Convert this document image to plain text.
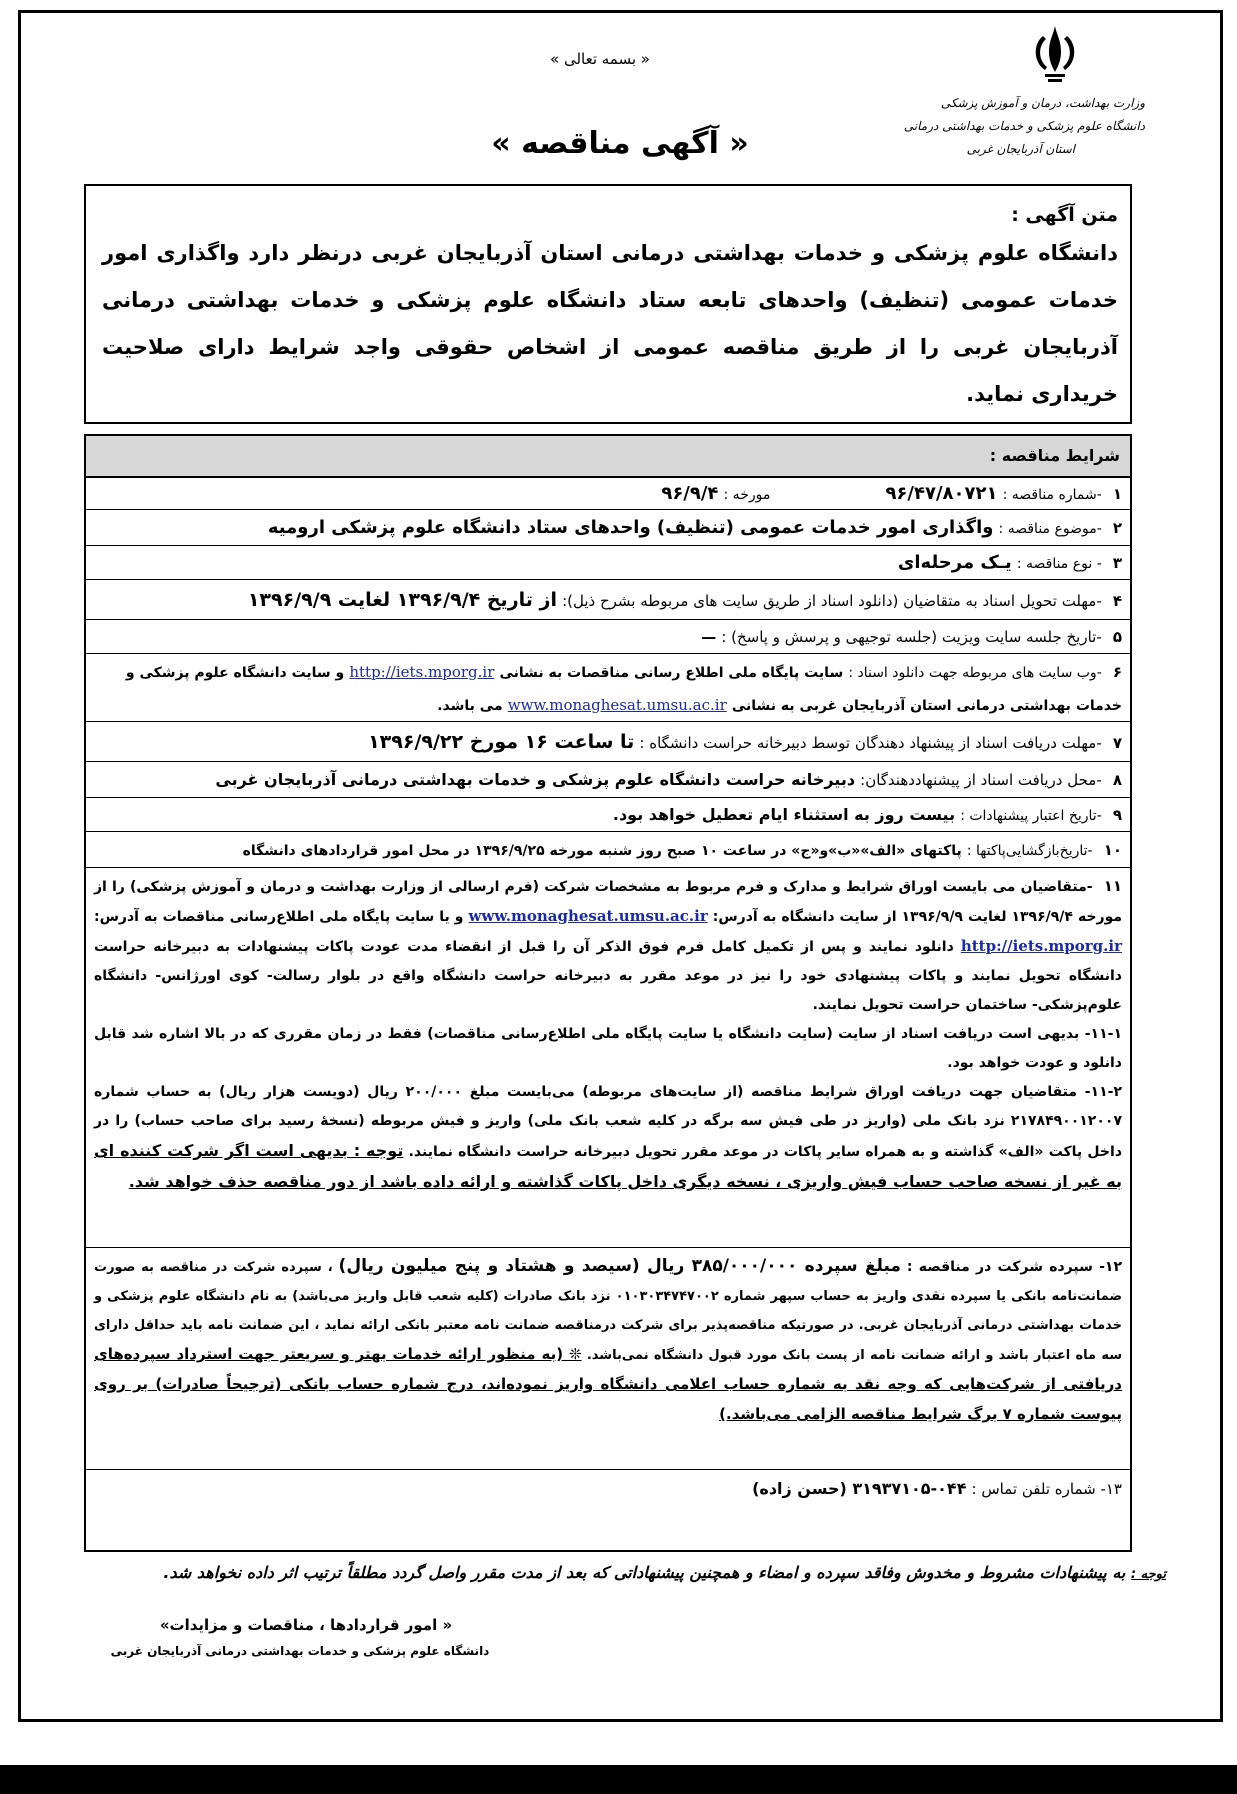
وزارت بهداشت، درمان و آموزش پزشکی
دانشگاه علوم پزشکی و خدمات بهداشتی درمانی
استان آذربایجان غربی
« بسمه تعالی »
« آگهی مناقصه »
متن آگهی :
دانشگاه علوم پزشکی و خدمات بهداشتی درمانی استان آذربایجان غربی درنظر دارد واگذاری امور خدمات عمومی (تنظیف) واحدهای تابعه ستاد دانشگاه علوم پزشکی و خدمات بهداشتی درمانی آذربایجان غربی را از طریق مناقصه عمومی از اشخاص حقوقی واجد شرایط دارای صلاحیت خریداری نماید.
شرایط مناقصه :
۱ -شماره مناقصه : ۹۶/۴۷/۸۰۷۲۱ مورخه : ۹۶/۹/۴
۲ -موضوع مناقصه : واگذاری امور خدمات عمومی (تنظیف) واحدهای ستاد دانشگاه علوم پزشکی ارومیه
۳ - نوع مناقصه : یـک مرحله‌ای
۴ -مهلت تحویل اسناد به متقاضیان (دانلود اسناد از طریق سایت های مربوطه بشرح ذیل): از تاریخ ۱۳۹۶/۹/۴ لغایت ۱۳۹۶/۹/۹
۵ -تاریخ جلسه سایت ویزیت (جلسه توجیهی و پرسش و پاسخ) : —
۶ -وب سایت های مربوطه جهت دانلود اسناد : سایت پایگاه ملی اطلاع رسانی مناقصات به نشانی http://iets.mporg.ir و سایت دانشگاه علوم پزشکی و خدمات بهداشتی درمانی استان آذربایجان غربی به نشانی www.monaghesat.umsu.ac.ir می باشد.
۷ -مهلت دریافت اسناد از پیشنهاد دهندگان توسط دبیرخانه حراست دانشگاه : تا ساعت ۱۶ مورخ ۱۳۹۶/۹/۲۲
۸ -محل دریافت اسناد از پیشنهاددهندگان: دبیرخانه حراست دانشگاه علوم پزشکی و خدمات بهداشتی درمانی آذربایجان غربی
۹ -تاریخ اعتبار پیشنهادات : بیست روز به استثناء ایام تعطیل خواهد بود.
۱۰ -تاریخ‌بازگشایی‌پاکتها : پاکتهای «الف»«ب»و«ج» در ساعت ۱۰ صبح روز شنبه مورخه ۱۳۹۶/۹/۲۵ در محل امور قراردادهای دانشگاه
۱۱ -متقاضیان می بایست اوراق شرایط و مدارک و فرم مربوط به مشخصات شرکت (فرم ارسالی از وزارت بهداشت و درمان و آموزش پزشکی) را از مورخه ۱۳۹۶/۹/۴ لغایت ۱۳۹۶/۹/۹ از سایت دانشگاه به آدرس: www.monaghesat.umsu.ac.ir و یا سایت پایگاه ملی اطلاع‌رسانی مناقصات به آدرس: http://iets.mporg.ir دانلود نمایند و پس از تکمیل کامل فرم فوق الذکر آن را قبل از انقضاء مدت عودت پاکات پیشنهادات به دبیرخانه حراست دانشگاه تحویل نمایند و پاکات پیشنهادی خود را نیز در موعد مقرر به دبیرخانه حراست دانشگاه واقع در بلوار رسالت- کوی اورژانس- دانشگاه علوم‌پزشکی- ساختمان حراست تحویل نمایند.
۱۱-۱- بدیهی است دریافت اسناد از سایت (سایت دانشگاه یا سایت پایگاه ملی اطلاع‌رسانی مناقصات) فقط در زمان مقرری که در بالا اشاره شد قابل دانلود و عودت خواهد بود.
۱۱-۲- متقاضیان جهت دریافت اوراق شرایط مناقصه (از سایت‌های مربوطه) می‌بایست مبلغ ۲۰۰/۰۰۰ ریال (دویست هزار ریال) به حساب شماره ۲۱۷۸۴۹۰۰۱۲۰۰۷ نزد بانک ملی (واریز در طی فیش سه برگه در کلیه شعب بانک ملی) واریز و فیش مربوطه (نسخهٔ رسید برای صاحب حساب) را در داخل پاکت «الف» گذاشته و به همراه سایر پاکات در موعد مقرر تحویل دبیرخانه حراست دانشگاه نمایند. توجه : بدیهی است اگر شرکت کننده ای به غیر از نسخه صاحب حساب فیش واریزی ، نسخه دیگری داخل پاکات گذاشته و ارائه داده باشد از دور مناقصه حذف خواهد شد.
۱۲- سپرده شرکت در مناقصه : مبلغ سپرده ۳۸۵/۰۰۰/۰۰۰ ریال (سیصد و هشتاد و پنج میلیون ریال) ، سپرده شرکت در مناقصه به صورت ضمانت‌نامه بانکی یا سپرده نقدی واریز به حساب سپهر شماره ۰۱۰۳۰۳۴۷۴۷۰۰۲ نزد بانک صادرات (کلیه شعب قابل واریز می‌باشد) به نام دانشگاه علوم پزشکی و خدمات بهداشتی درمانی آذربایجان غربی. در صورتیکه مناقصه‌پذیر برای شرکت درمناقصه ضمانت نامه معتبر بانکی ارائه نماید ، این ضمانت نامه باید حداقل دارای سه ماه اعتبار باشد و ارائه ضمانت نامه از پست بانک مورد قبول دانشگاه نمی‌باشد. ❊ (به منظور ارائه خدمات بهتر و سریعتر جهت استرداد سپرده‌های دریافتی از شرکت‌هایی که وجه نقد به شماره حساب اعلامی دانشگاه واریز نموده‌اند، درج شماره حساب بانکی (ترجیحاً صادرات) بر روی پیوست شماره ۷ برگ شرایط مناقصه الزامی می‌باشد.)
۱۳- شماره تلفن تماس : ۰۴۴-۳۱۹۳۷۱۰۵ (حسن زاده)
توجه : به پیشنهادات مشروط و مخدوش وفاقد سپرده و امضاء و همچنین پیشنهاداتی که بعد از مدت مقرر واصل گردد مطلقاً ترتیب اثر داده نخواهد شد.
« امور قراردادها ، مناقصات و مزایدات»
دانشگاه علوم پزشکی و خدمات بهداشتی درمانی آذربایجان غربی
